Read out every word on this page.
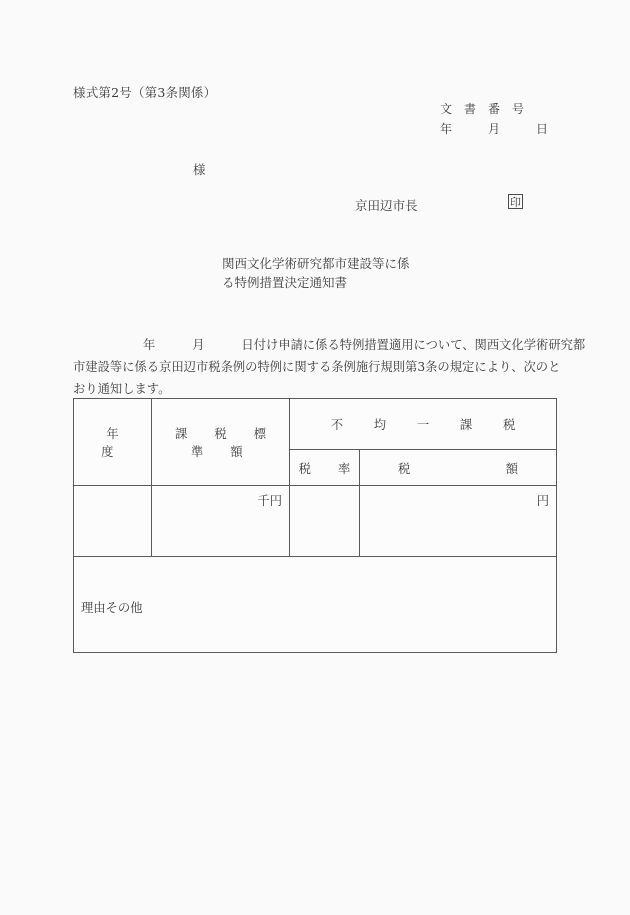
様式第2号（第3条関係）
文　書　番　号
年　　　月　　　日
様
京田辺市長	印
関西文化学術研究都市建設等に係
る特例措置決定通知書
年　　　月　　　日付け申請に係る特例措置適用について、関西文化学術研究都
市建設等に係る京田辺市税条例の特例に関する条例施行規則第3条の規定により、次のと
おり通知します。
年　度	課　税　標　準　額	不　均　一　課　税	
		税　率	税 額

	千円		円

理由その他			
